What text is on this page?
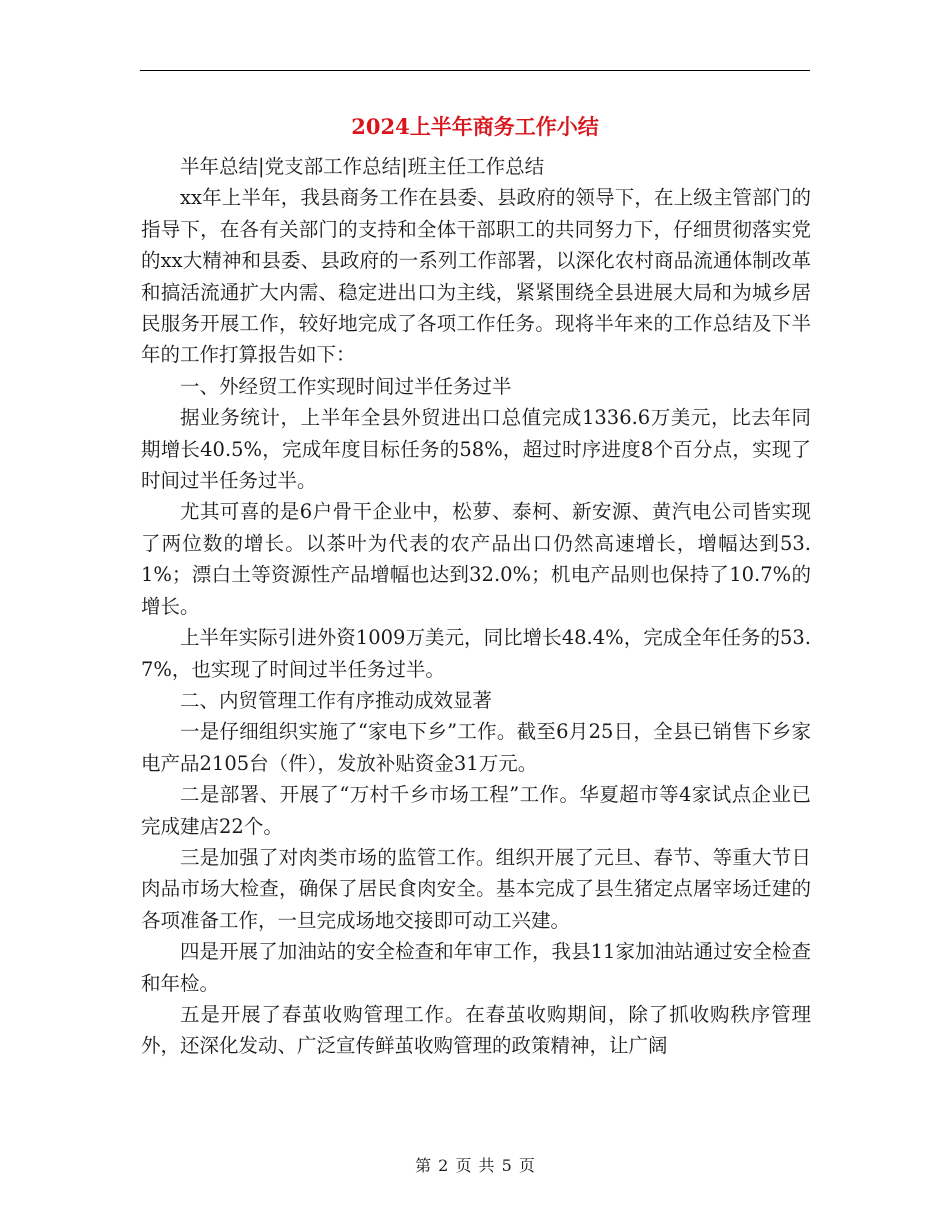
2024上半年商务工作小结

半年总结|党支部工作总结|班主任工作总结

xx年上半年，我县商务工作在县委、县政府的领导下，在上级主管部门的指导下，在各有关部门的支持和全体干部职工的共同努力下，仔细贯彻落实党的xx大精神和县委、县政府的一系列工作部署，以深化农村商品流通体制改革和搞活流通扩大内需、稳定进出口为主线，紧紧围绕全县进展大局和为城乡居民服务开展工作，较好地完成了各项工作任务。现将半年来的工作总结及下半年的工作打算报告如下：

一、外经贸工作实现时间过半任务过半

据业务统计，上半年全县外贸进出口总值完成1336.6万美元，比去年同期增长40.5%，完成年度目标任务的58%，超过时序进度8个百分点，实现了时间过半任务过半。

尤其可喜的是6户骨干企业中，松萝、泰柯、新安源、黄汽电公司皆实现了两位数的增长。以茶叶为代表的农产品出口仍然高速增长，增幅达到53.1%；漂白土等资源性产品增幅也达到32.0%；机电产品则也保持了10.7%的增长。

上半年实际引进外资1009万美元，同比增长48.4%，完成全年任务的53.7%，也实现了时间过半任务过半。

二、内贸管理工作有序推动成效显著

一是仔细组织实施了“家电下乡”工作。截至6月25日，全县已销售下乡家电产品2105台（件），发放补贴资金31万元。

二是部署、开展了“万村千乡市场工程”工作。华夏超市等4家试点企业已完成建店22个。

三是加强了对肉类市场的监管工作。组织开展了元旦、春节、等重大节日肉品市场大检查，确保了居民食肉安全。基本完成了县生猪定点屠宰场迁建的各项准备工作，一旦完成场地交接即可动工兴建。

四是开展了加油站的安全检查和年审工作，我县11家加油站通过安全检查和年检。

五是开展了春茧收购管理工作。在春茧收购期间，除了抓收购秩序管理外，还深化发动、广泛宣传鲜茧收购管理的政策精神，让广阔

第 2 页 共 5 页
